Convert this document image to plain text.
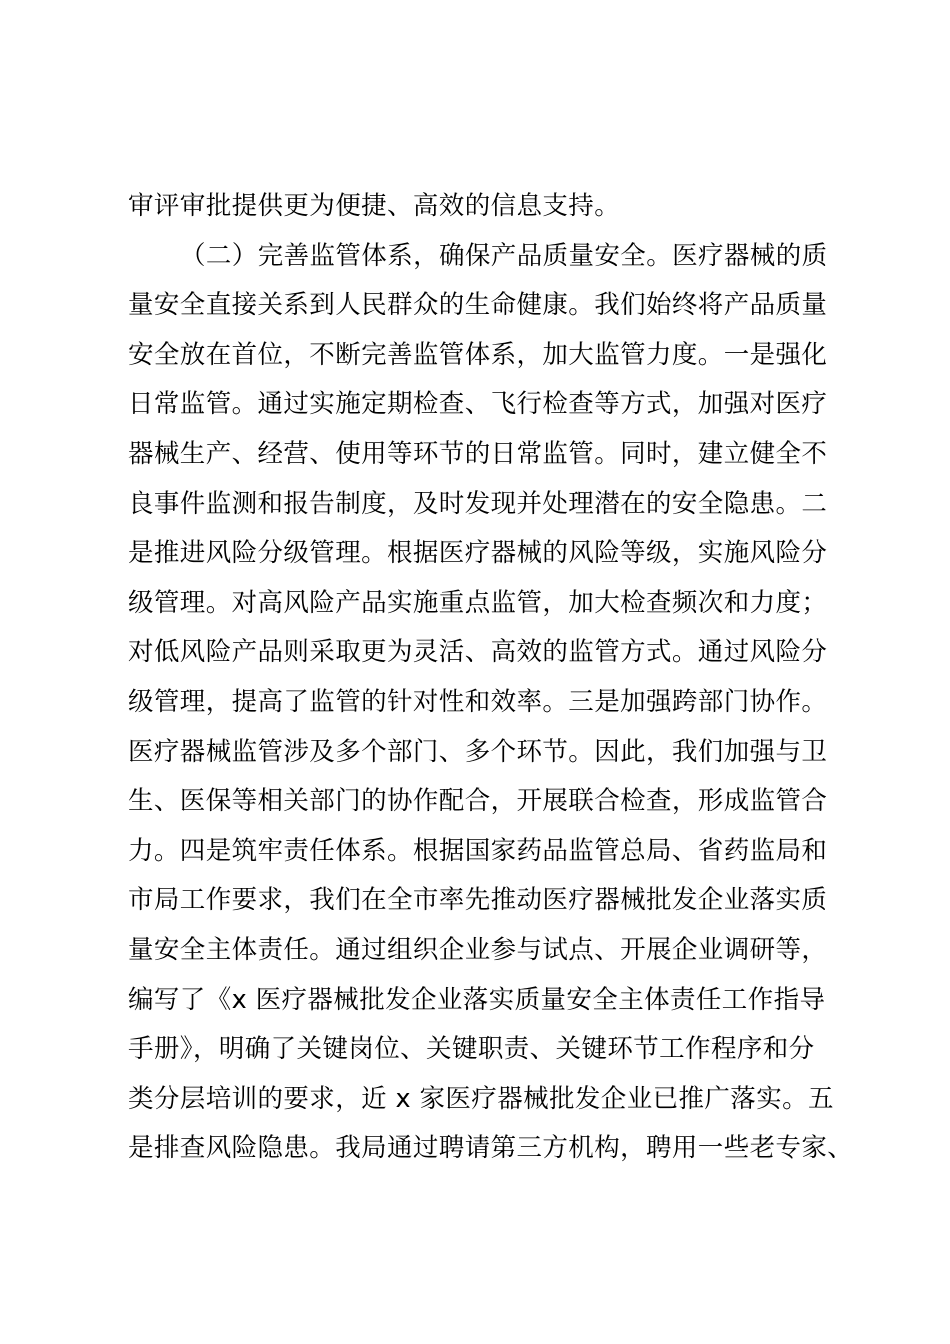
审评审批提供更为便捷、高效的信息支持。
（二）完善监管体系，确保产品质量安全。医疗器械的质
量安全直接关系到人民群众的生命健康。我们始终将产品质量
安全放在首位，不断完善监管体系，加大监管力度。一是强化
日常监管。通过实施定期检查、飞行检查等方式，加强对医疗
器械生产、经营、使用等环节的日常监管。同时，建立健全不
良事件监测和报告制度，及时发现并处理潜在的安全隐患。二
是推进风险分级管理。根据医疗器械的风险等级，实施风险分
级管理。对高风险产品实施重点监管，加大检查频次和力度；
对低风险产品则采取更为灵活、高效的监管方式。通过风险分
级管理，提高了监管的针对性和效率。三是加强跨部门协作。
医疗器械监管涉及多个部门、多个环节。因此，我们加强与卫
生、医保等相关部门的协作配合，开展联合检查，形成监管合
力。四是筑牢责任体系。根据国家药品监管总局、省药监局和
市局工作要求，我们在全市率先推动医疗器械批发企业落实质
量安全主体责任。通过组织企业参与试点、开展企业调研等，
编写了《x 医疗器械批发企业落实质量安全主体责任工作指导
手册》，明确了关键岗位、关键职责、关键环节工作程序和分
类分层培训的要求，近 x 家医疗器械批发企业已推广落实。五
是排查风险隐患。我局通过聘请第三方机构，聘用一些老专家、
